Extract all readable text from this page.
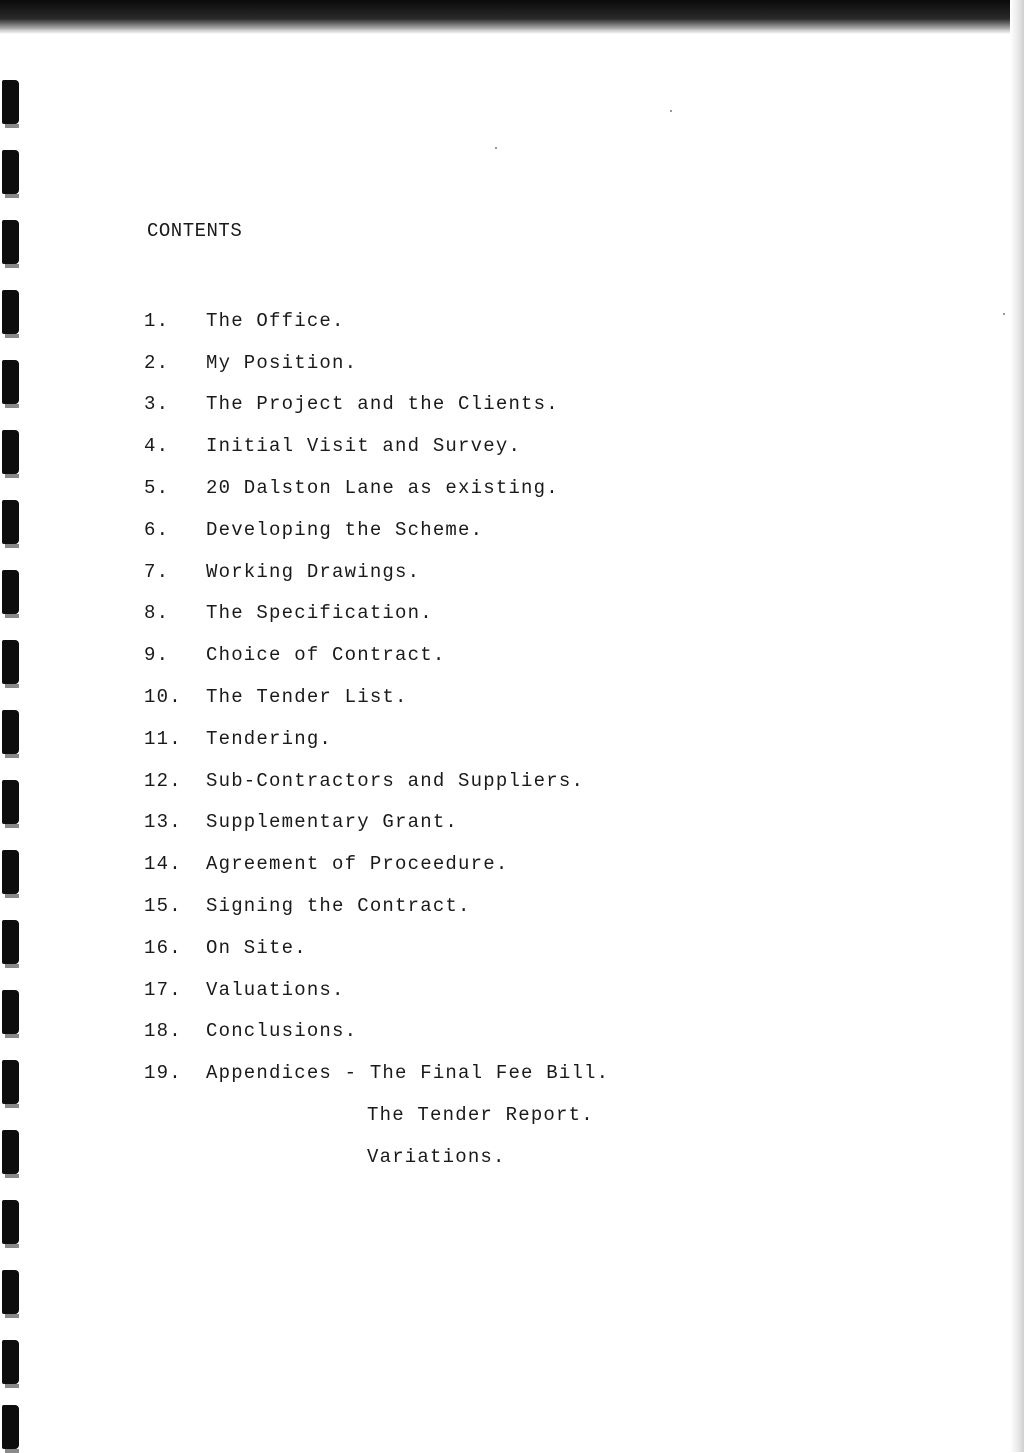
CONTENTS
1.	The Office.
2.	My Position.
3.	The Project and the Clients.
4.	Initial Visit and Survey.
5.	20 Dalston Lane as existing.
6.	Developing the Scheme.
7.	Working Drawings.
8.	The Specification.
9.	Choice of Contract.
10.	The Tender List.
11.	Tendering.
12.	Sub-Contractors and Suppliers.
13.	Supplementary Grant.
14.	Agreement of Proceedure.
15.	Signing the Contract.
16.	On Site.
17.	Valuations.
18.	Conclusions.
19.	Appendices - The Final Fee Bill.
The Tender Report.
Variations.
